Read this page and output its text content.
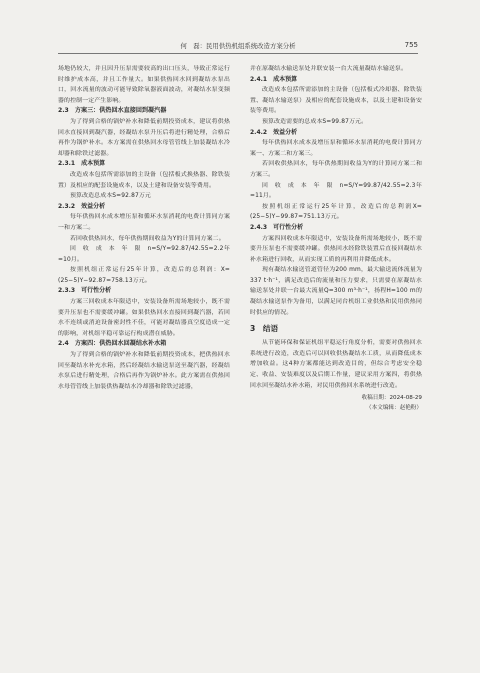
何　磊：民用供热机组系统改造方案分析	755

场地仍较大，并且因升压泵需要较高的出口压头，导致正常运行时维护成本高，并且工作量大。如果供热回水回到凝结水泵出口，回水流量的波动可能导致除氧器液面波动，对凝结水泵变频器的控制一定产生影响。

2.3　方案三：供热回水直接回到凝汽器

为了得到合格的锅炉补水和降低前期投资成本，建议将供热回水直接回到凝汽器，经凝结水泵升压后将进行精处理，合格后再作为锅炉补水。本方案需在供热回水母管管线上加装凝结水冷却器和除铁过滤器。

2.3.1　成本预算

改造成本包括所需添加的主设备（包括板式换热器、除铁装置）及相应的配套设施成本，以及土建和设备安装等费用。

预算改造总成本S=92.87万元

2.3.2　效益分析

每年供热回水成本增压泵和循环水泵消耗的电费计算同方案一和方案二。

若回收供热回水，每年供热期间收益为Y的计算同方案二。

回　收　成　本　年　限　n=S/Y=92.87/42.55=2.2年=10月。

按照机组正常运行25年计算，改造后的总利润：X=(25−5)Y−92.87=758.13万元。

2.3.3　可行性分析

方案三回收成本年限适中，安装设备所需场地较小，既不需要升压泵也不需要缓冲罐。如果供热回水直接回到凝汽器，若回水不连续或消迫设备密封性不佳，可能对凝结器真空度造成一定的影响，对机组平稳可靠运行构成潜在威胁。

2.4　方案四：供热回水回凝结水补水箱

为了得到合格的锅炉补水和降低前期投资成本，把供热回水回至凝结水补充水箱，然后经凝结水输送泵送至凝汽器，经凝结水泵后进行精处理，合格后再作为锅炉补水。此方案需在供热回水母管管线上加装供热凝结水冷却器和除铁过滤器，

并在原凝结水输送泵处并联安装一台大流量凝结水输送泵。

2.4.1　成本预算

改造成本包括所需添加的主设备（包括板式冷却器、除铁装置、凝结水输送泵）及相应的配套设施成本，以及土建和设备安装等费用。

预算改造需要的总成本S=99.87万元。

2.4.2　效益分析

每年供热回水成本及增压泵和循环水泵消耗的电费计算同方案一、方案二和方案三。

若回收供热回水，每年供热期间收益为Y的计算同方案二和方案三。

回　收　成　本　年　限　n=S/Y=99.87/42.55=2.3年=11月。

按照机组正常运行25年计算，改造后的总利润X=(25−5)Y−99.87=751.13万元。

2.4.3　可行性分析

方案四回收成本年限适中，安装设备所需场地较小，既不需要升压泵也不需要缓冲罐。供热回水经除铁装置后直接回凝结水补水箱进行回收，从而实现工质的再利用并降低成本。

现有凝结水输送管道管径为200 mm，最大输送流体流量为337 t·h⁻¹，满足改造后的流量和压力要求，只需要在原凝结水输送泵处并联一台最大流量Q=300 m³·h⁻¹，扬程H=100 m的凝结水输送泵作为备用，以满足同台机组工业供热和民用供热同时供应的情况。

3　结语

从节能环保和保证机组平稳运行角度分析，需要对供热回水系统进行改造，改造后可以回收供热凝结水工质，从而降低成本增加收益。这4种方案都能达到改造目的，但综合考虑安全稳定、收益、安装难度以及后期工作量，建议采用方案四，将供热回水回至凝结水补水箱，对民用供热回水系统进行改造。

收稿日期：2024-08-29

（本文编辑：赵艳粉）
